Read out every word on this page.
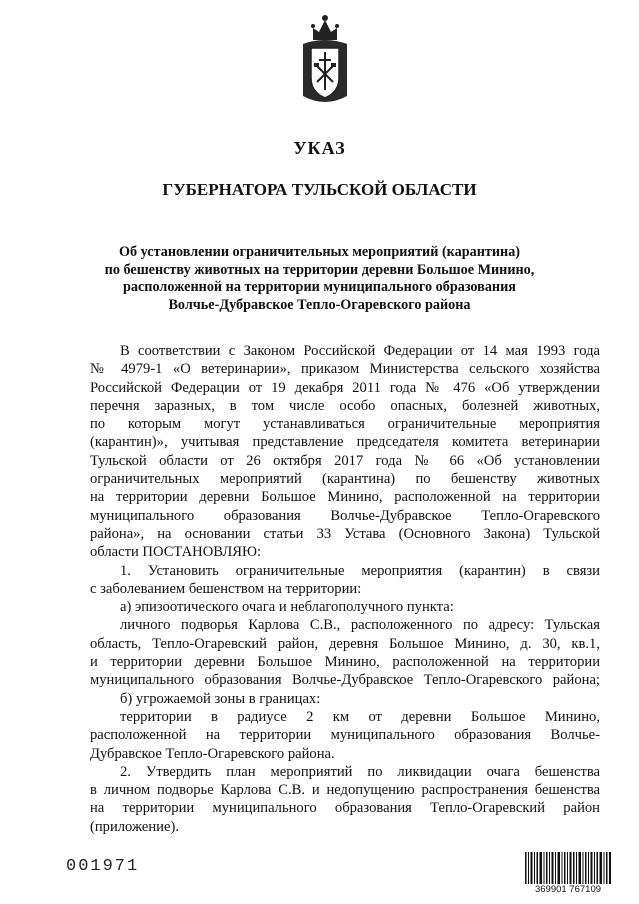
УКАЗ
ГУБЕРНАТОРА ТУЛЬСКОЙ ОБЛАСТИ
Об установлении ограничительных мероприятий (карантина)
по бешенству животных на территории деревни Большое Минино,
расположенной на территории муниципального образования
Волчье-Дубравское Тепло-Огаревского района
В соответствии с Законом Российской Федерации от 14 мая 1993 года
№ 4979-1 «О ветеринарии», приказом Министерства сельского хозяйства
Российской Федерации от 19 декабря 2011 года № 476 «Об утверждении
перечня заразных, в том числе особо опасных, болезней животных,
по которым могут устанавливаться ограничительные мероприятия
(карантин)», учитывая представление председателя комитета ветеринарии
Тульской области от 26 октября 2017 года № 66 «Об установлении
ограничительных мероприятий (карантина) по бешенству животных
на территории деревни Большое Минино, расположенной на территории
муниципального образования Волчье-Дубравское Тепло-Огаревского
района», на основании статьи 33 Устава (Основного Закона) Тульской
области ПОСТАНОВЛЯЮ:
1. Установить ограничительные мероприятия (карантин) в связи
с заболеванием бешенством на территории:
а) эпизоотического очага и неблагополучного пункта:
личного подворья Карлова С.В., расположенного по адресу: Тульская
область, Тепло-Огаревский район, деревня Большое Минино, д. 30, кв.1,
и территории деревни Большое Минино, расположенной на территории
муниципального образования Волчье-Дубравское Тепло-Огаревского района;
б) угрожаемой зоны в границах:
территории в радиусе 2 км от деревни Большое Минино,
расположенной на территории муниципального образования Волчье-
Дубравское Тепло-Огаревского района.
2. Утвердить план мероприятий по ликвидации очага бешенства
в личном подворье Карлова С.В. и недопущению распространения бешенства
на территории муниципального образования Тепло-Огаревский район
(приложение).
001971
369901 767109
